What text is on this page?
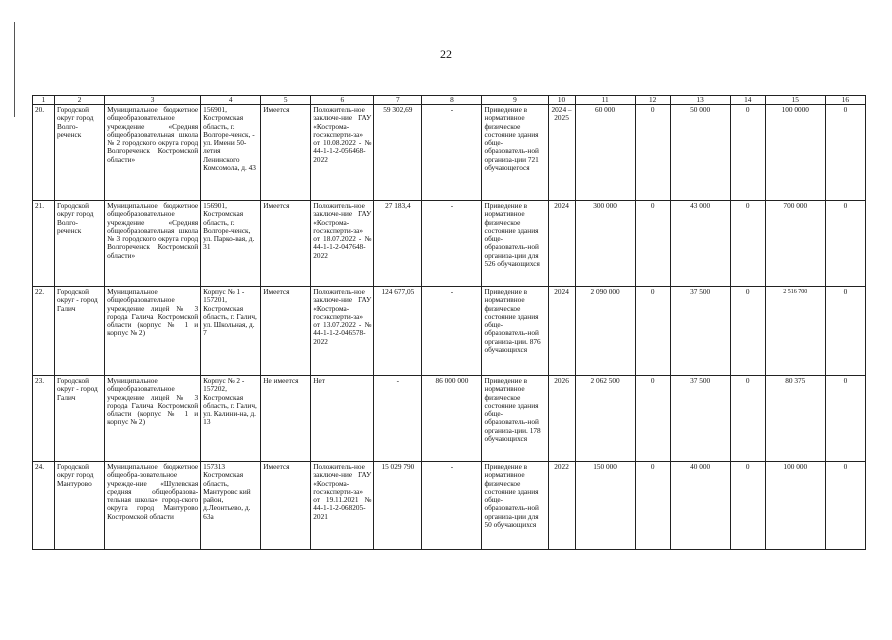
22
1	2	3	4	5	6	7	8	9	10	11	12	13	14	15	16
20.	Городской округ город Волго-реченск	Муниципальное бюджетное общеобразовательное учреждение «Средняя общеобразовательная школа № 2 городского округа город Волгореченск Костромской области»	156901, Костромская область, г. Волгоре-ченск, - ул. Имени 50-летия Ленинского Комсомола, д. 43	Имеется	Положитель-ное заключе-ние ГАУ «Кострома-госэксперти-за» от 10.08.2022 - № 44-1-1-2-056468-2022	59 302,69	-	Приведение в нормативное физическое состояние здания обще-образователь-ной организа-ции 721 обучающегося	2024 – 2025	60 000	0	50 000	0	100 0000	0
21.	Городской округ город Волго-реченск	Муниципальное бюджетное общеобразовательное учреждение «Средняя общеобразовательная школа № 3 городского округа город Волгореченск Костромской области»	156901, Костромская область, г. Волгоре-ченск, ул. Парко-вая, д. 31	Имеется	Положитель-ное заключе-ние ГАУ «Кострома-госэксперти-за» от 18.07.2022 - № 44-1-1-2-047648-2022	27 183,4	-	Приведение в нормативное физическое состояние здания обще-образователь-ной организа-ции для 526 обучающихся	2024	300 000	0	43 000	0	700 000	0
22.	Городской округ - город Галич	Муниципальное общеобразовательное учреждение лицей № 3 города Галича Костромской области (корпус № 1 и корпус № 2)	Корпус № 1 - 157201, Костромская область, г. Галич, ул. Школьная, д. 7	Имеется	Положитель-ное заключе-ние ГАУ «Кострома-госэксперти-за» от 13.07.2022 - № 44-1-1-2-046578-2022	124 677,05	-	Приведение в нормативное физическое состояние здания обще-образователь-ной организа-ции. 876 обучающихся	2024	2 090 000	0	37 500	0	2 516 700	0
23.	Городской округ - город Галич	Муниципальное общеобразовательное учреждение лицей № 3 города Галича Костромской области (корпус № 1 и корпус № 2)	Корпус № 2 - 157202, Костромская область, г. Галич, ул. Калини-на, д. 13	Не имеется	Нет	-	86 000 000	Приведение в нормативное физическое состояние здания обще-образователь-ной организа-ции. 178 обучающихся	2026	2 062 500	0	37 500	0	80 375	0
24.	Городской округ город Мантурово	Муниципальное бюджетное общеобра-зовательное учрежде-ние «Шулевская средняя общеобразова-тельная школа» город-ского округа город Мантурово Костромской области	157313 Костромская область, Мантуровс кий район, д.Леонтьево, д. 63а	Имеется	Положитель-ное заключе-ние ГАУ «Кострома-госэксперти-за» от 19.11.2021 № 44-1-1-2-068205-2021	15 029 790	-	Приведение в нормативное физическое состояние здания обще-образователь-ной организа-ции для 50 обучающихся	2022	150 000	0	40 000	0	100 000	0
